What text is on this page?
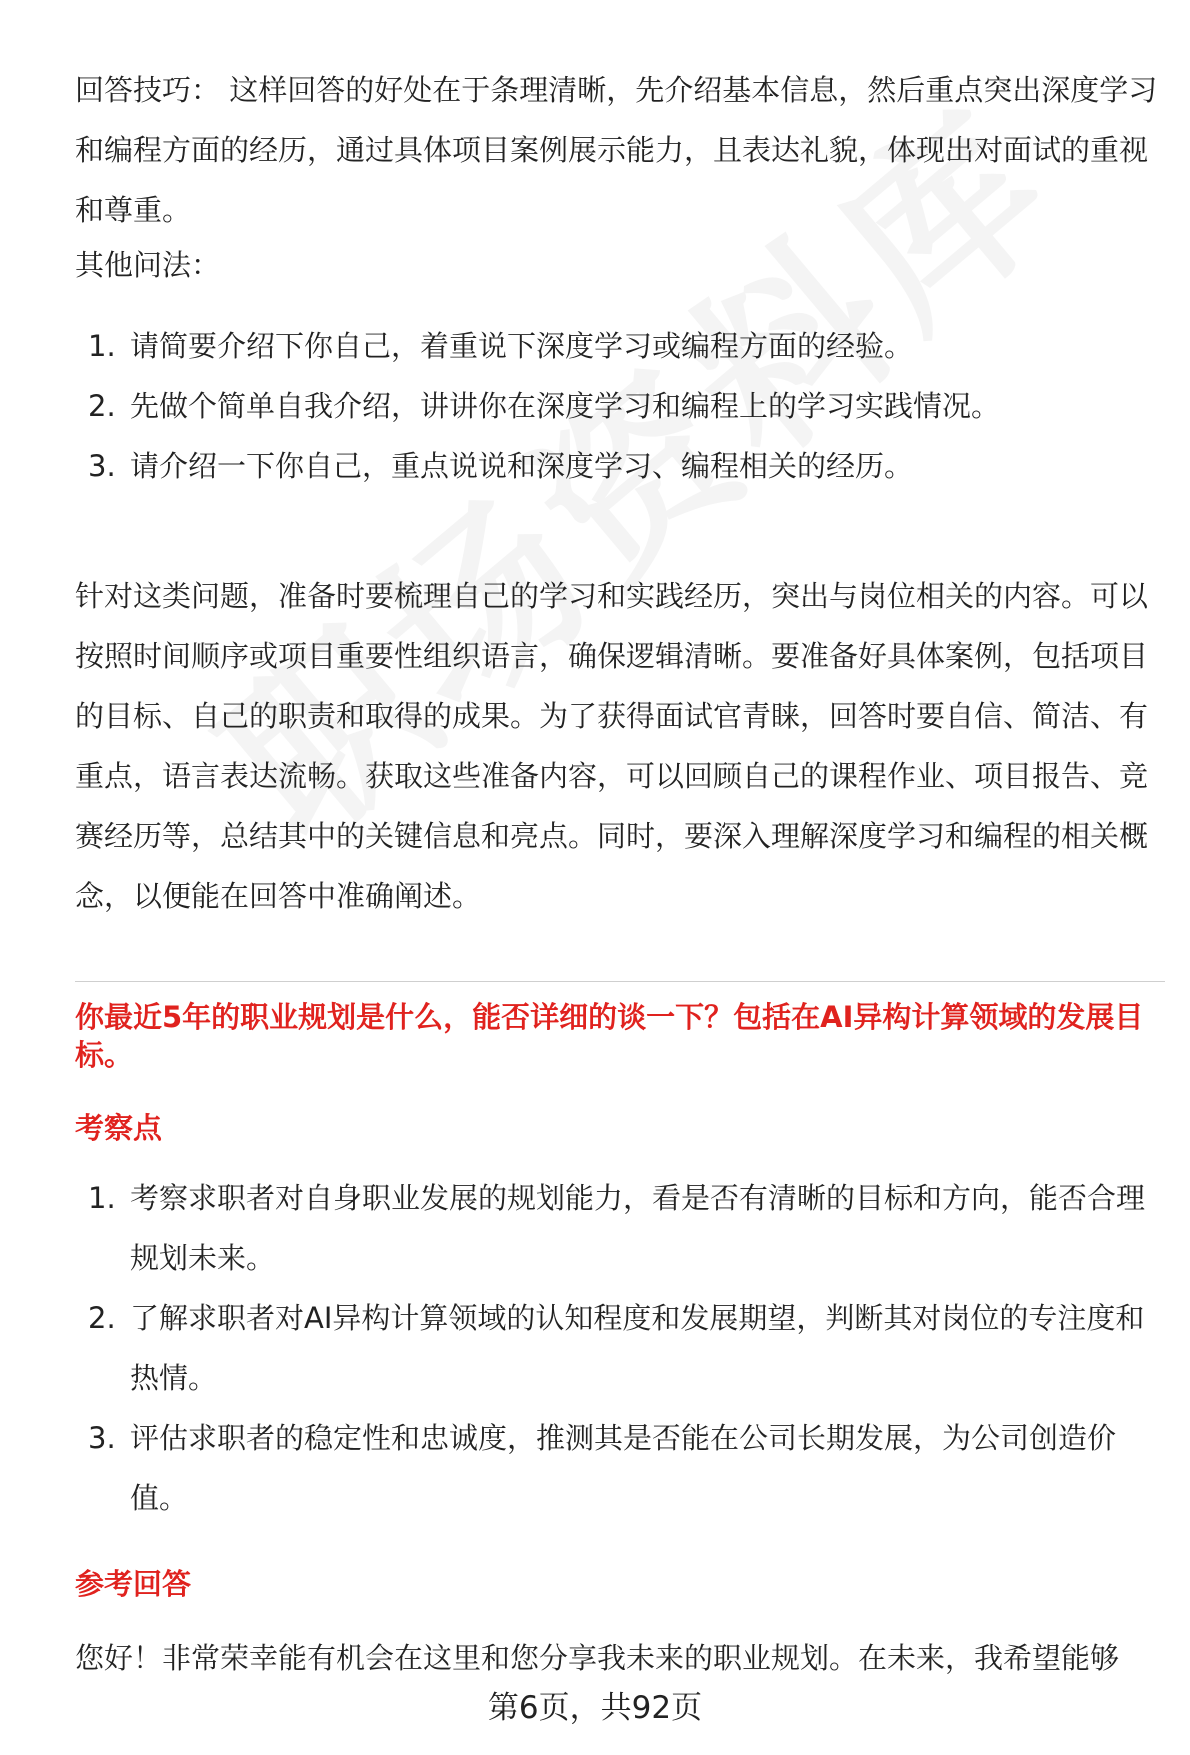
回答技巧： 这样回答的好处在于条理清晰，先介绍基本信息，然后重点突出深度学习和编程方面的经历，通过具体项目案例展示能力，且表达礼貌，体现出对面试的重视和尊重。

其他问法：

1. 请简要介绍下你自己，着重说下深度学习或编程方面的经验。
2. 先做个简单自我介绍，讲讲你在深度学习和编程上的学习实践情况。
3. 请介绍一下你自己，重点说说和深度学习、编程相关的经历。

针对这类问题，准备时要梳理自己的学习和实践经历，突出与岗位相关的内容。可以按照时间顺序或项目重要性组织语言，确保逻辑清晰。要准备好具体案例，包括项目的目标、自己的职责和取得的成果。为了获得面试官青睐，回答时要自信、简洁、有重点，语言表达流畅。获取这些准备内容，可以回顾自己的课程作业、项目报告、竞赛经历等，总结其中的关键信息和亮点。同时，要深入理解深度学习和编程的相关概念，以便能在回答中准确阐述。

你最近5年的职业规划是什么，能否详细的谈一下？包括在AI异构计算领域的发展目标。
考察点
1. 考察求职者对自身职业发展的规划能力，看是否有清晰的目标和方向，能否合理规划未来。
2. 了解求职者对AI异构计算领域的认知程度和发展期望，判断其对岗位的专注度和热情。
3. 评估求职者的稳定性和忠诚度，推测其是否能在公司长期发展，为公司创造价值。
参考回答

您好！非常荣幸能有机会在这里和您分享我未来的职业规划。在未来，我希望能够

第6页，共92页
